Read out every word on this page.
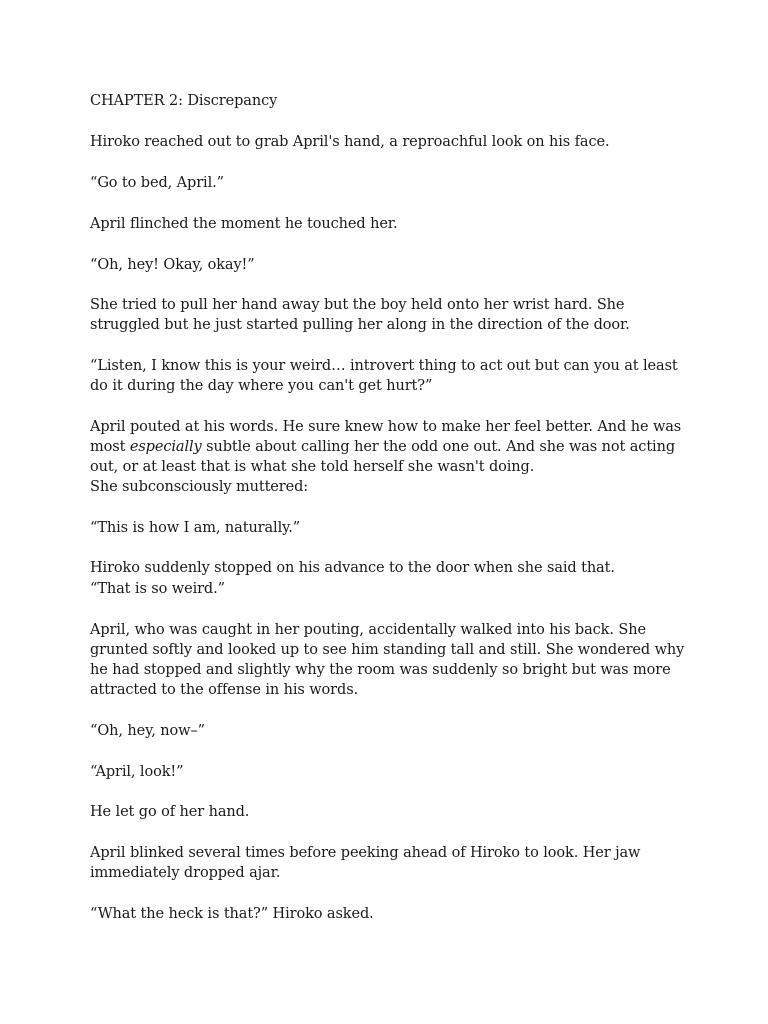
CHAPTER 2: Discrepancy

Hiroko reached out to grab April's hand, a reproachful look on his face.

“Go to bed, April.”

April flinched the moment he touched her.

“Oh, hey! Okay, okay!”

She tried to pull her hand away but the boy held onto her wrist hard. She struggled but he just started pulling her along in the direction of the door.

“Listen, I know this is your weird… introvert thing to act out but can you at least do it during the day where you can't get hurt?”

April pouted at his words. He sure knew how to make her feel better. And he was most especially subtle about calling her the odd one out. And she was not acting out, or at least that is what she told herself she wasn't doing.

She subconsciously muttered:

“This is how I am, naturally.”

Hiroko suddenly stopped on his advance to the door when she said that.

“That is so weird.”

April, who was caught in her pouting, accidentally walked into his back. She grunted softly and looked up to see him standing tall and still. She wondered why he had stopped and slightly why the room was suddenly so bright but was more attracted to the offense in his words.

“Oh, hey, now–”

“April, look!”

He let go of her hand.

April blinked several times before peeking ahead of Hiroko to look. Her jaw immediately dropped ajar.

“What the heck is that?” Hiroko asked.
